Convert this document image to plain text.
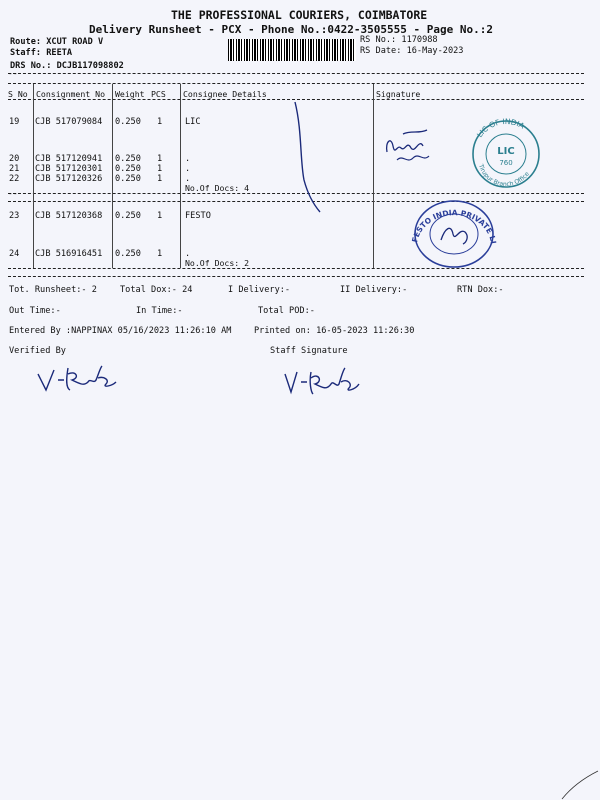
THE PROFESSIONAL COURIERS, COIMBATORE
Delivery Runsheet - PCX - Phone No.:0422-3505555 - Page No.:2
Route: XCUT ROAD V
Staff: REETA
DRS No.: DCJB117098802
RS No.: 1170988
RS Date: 16-May-2023
--
--
S No Consignment No Weight PCS Consignee Details	Signature
19 CJB 517079084 0.250 1	LIC
20 CJB 517120941 0.250 1	.
21 CJB 517120301 0.250 1	.
22 CJB 517120326 0.250 1	.
No.Of Docs: 4
23 CJB 517120368 0.250 1	FESTO
24 CJB 516916451 0.250 1	.
No.Of Docs: 2
LIC OF INDIA
Tirupur Branch Office
LIC
760
FESTO INDIA PRIVATE LIMITED
Tot. Runsheet:- 2	Total Dox:- 24	I Delivery:-	II Delivery:-	RTN Dox:-
Out Time:-	In Time:-	Total POD:-
Entered By :NAPPINAX 05/16/2023 11:26:10 AM	Printed on: 16-05-2023 11:26:30
Verified By	Staff Signature
